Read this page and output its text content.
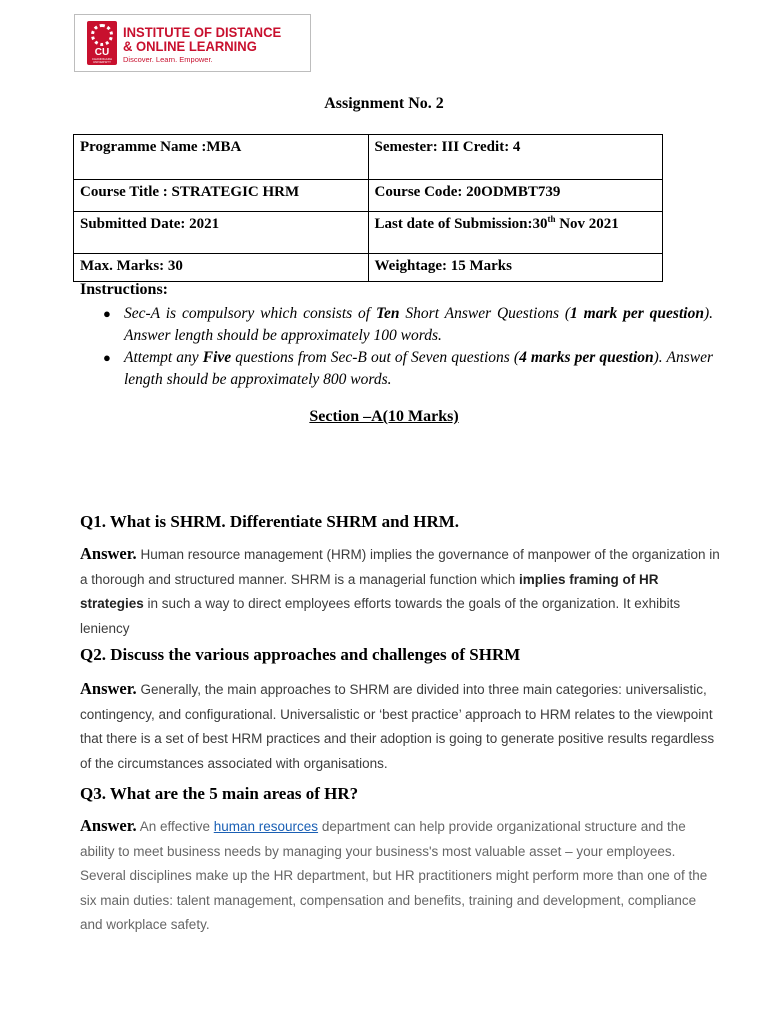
CU
CHANDIGARH UNIVERSITY
INSTITUTE OF DISTANCE
& ONLINE LEARNING
Discover. Learn. Empower.
Assignment No. 2
Programme Name :MBA	Semester: III Credit: 4
Course Title : STRATEGIC HRM	Course Code: 20ODMBT739
Submitted Date: 2021	Last date of Submission:30th Nov 2021
Max. Marks: 30	Weightage: 15 Marks
Instructions:
● Sec-A is compulsory which consists of Ten Short Answer Questions (1 mark per question). Answer length should be approximately 100 words.
● Attempt any Five questions from Sec-B out of Seven questions (4 marks per question). Answer length should be approximately 800 words.
Section –A(10 Marks)
Q1. What is SHRM. Differentiate SHRM and HRM.
Answer. Human resource management (HRM) implies the governance of manpower of the organization in a thorough and structured manner. SHRM is a managerial function which implies framing of HR strategies in such a way to direct employees efforts towards the goals of the organization. It exhibits leniency
Q2. Discuss the various approaches and challenges of SHRM
Answer. Generally, the main approaches to SHRM are divided into three main categories: universalistic, contingency, and configurational. Universalistic or ‘best practice’ approach to HRM relates to the viewpoint that there is a set of best HRM practices and their adoption is going to generate positive results regardless of the circumstances associated with organisations.
Q3. What are the 5 main areas of HR?
Answer. An effective human resources department can help provide organizational structure and the ability to meet business needs by managing your business's most valuable asset – your employees. Several disciplines make up the HR department, but HR practitioners might perform more than one of the six main duties: talent management, compensation and benefits, training and development, compliance and workplace safety.
